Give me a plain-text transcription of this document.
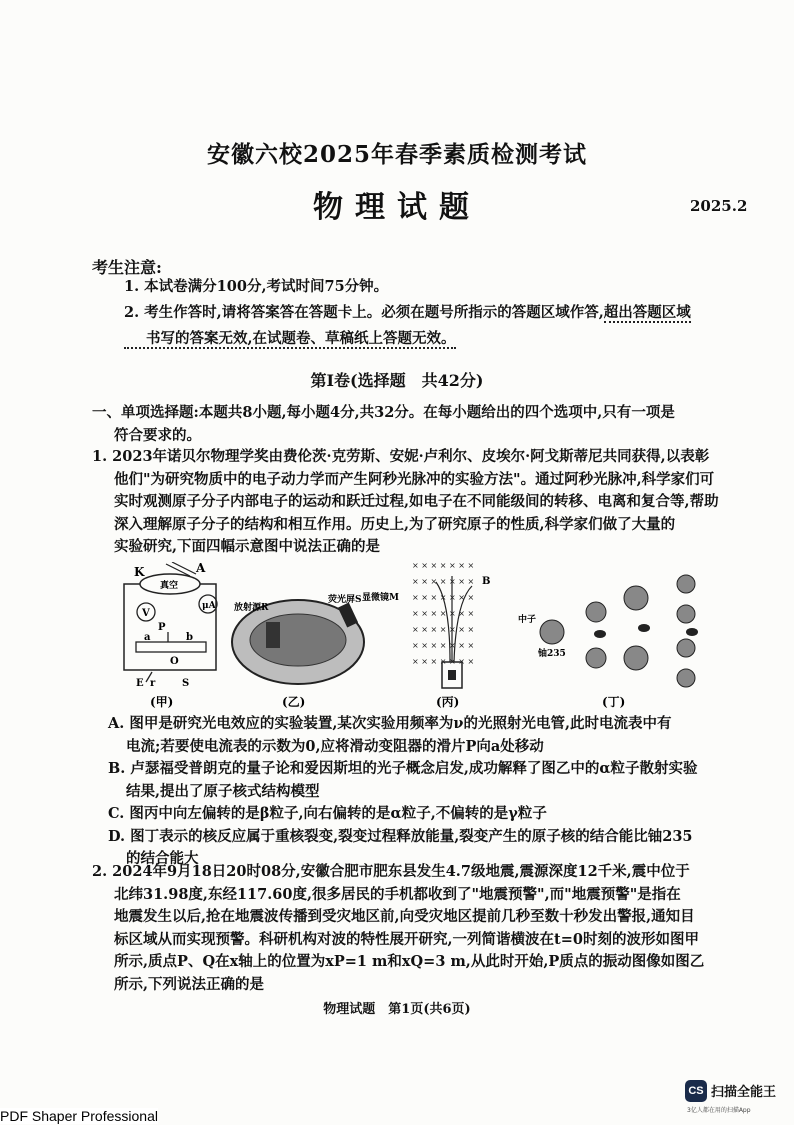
安徽六校2025年春季素质检测考试
物理试题	2025.2
考生注意:
1. 本试卷满分100分,考试时间75分钟。
2. 考生作答时,请将答案答在答题卡上。必须在题号所指示的答题区域作答,超出答题区域
书写的答案无效,在试题卷、草稿纸上答题无效。
第Ⅰ卷(选择题　共42分)
一、单项选择题:本题共8小题,每小题4分,共32分。在每小题给出的四个选项中,只有一项是
符合要求的。
1. 2023年诺贝尔物理学奖由费伦茨·克劳斯、安妮·卢利尔、皮埃尔·阿戈斯蒂尼共同获得,以表彰
他们"为研究物质中的电子动力学而产生阿秒光脉冲的实验方法"。通过阿秒光脉冲,科学家们可
实时观测原子分子内部电子的运动和跃迁过程,如电子在不同能级间的转移、电离和复合等,帮助
深入理解原子分子的结构和相互作用。历史上,为了研究原子的性质,科学家们做了大量的
实验研究,下面四幅示意图中说法正确的是
K	A
真空
μA
V
P
a	b
O
E r	S
(甲)
放射源R
荧光屏S 显微镜M
(乙)
× × × × × × ×
× × × × × × ×
× × × × × × ×
× × × × × × ×
× × × × × × ×
× × × × × × ×
× × × × × × ×
B
(丙)
中子
铀235
(丁)
A. 图甲是研究光电效应的实验装置,某次实验用频率为ν的光照射光电管,此时电流表中有
电流;若要使电流表的示数为0,应将滑动变阻器的滑片P向a处移动
B. 卢瑟福受普朗克的量子论和爱因斯坦的光子概念启发,成功解释了图乙中的α粒子散射实验
结果,提出了原子核式结构模型
C. 图丙中向左偏转的是β粒子,向右偏转的是α粒子,不偏转的是γ粒子
D. 图丁表示的核反应属于重核裂变,裂变过程释放能量,裂变产生的原子核的结合能比铀235
的结合能大
2. 2024年9月18日20时08分,安徽合肥市肥东县发生4.7级地震,震源深度12千米,震中位于
北纬31.98度,东经117.60度,很多居民的手机都收到了"地震预警",而"地震预警"是指在
地震发生以后,抢在地震波传播到受灾地区前,向受灾地区提前几秒至数十秒发出警报,通知目
标区域从而实现预警。科研机构对波的特性展开研究,一列简谐横波在t=0时刻的波形如图甲
所示,质点P、Q在x轴上的位置为xP=1 m和xQ=3 m,从此时开始,P质点的振动图像如图乙
所示,下列说法正确的是
物理试题　第1页(共6页)
CS 扫描全能王
3亿人都在用的扫描App
PDF Shaper Professional
